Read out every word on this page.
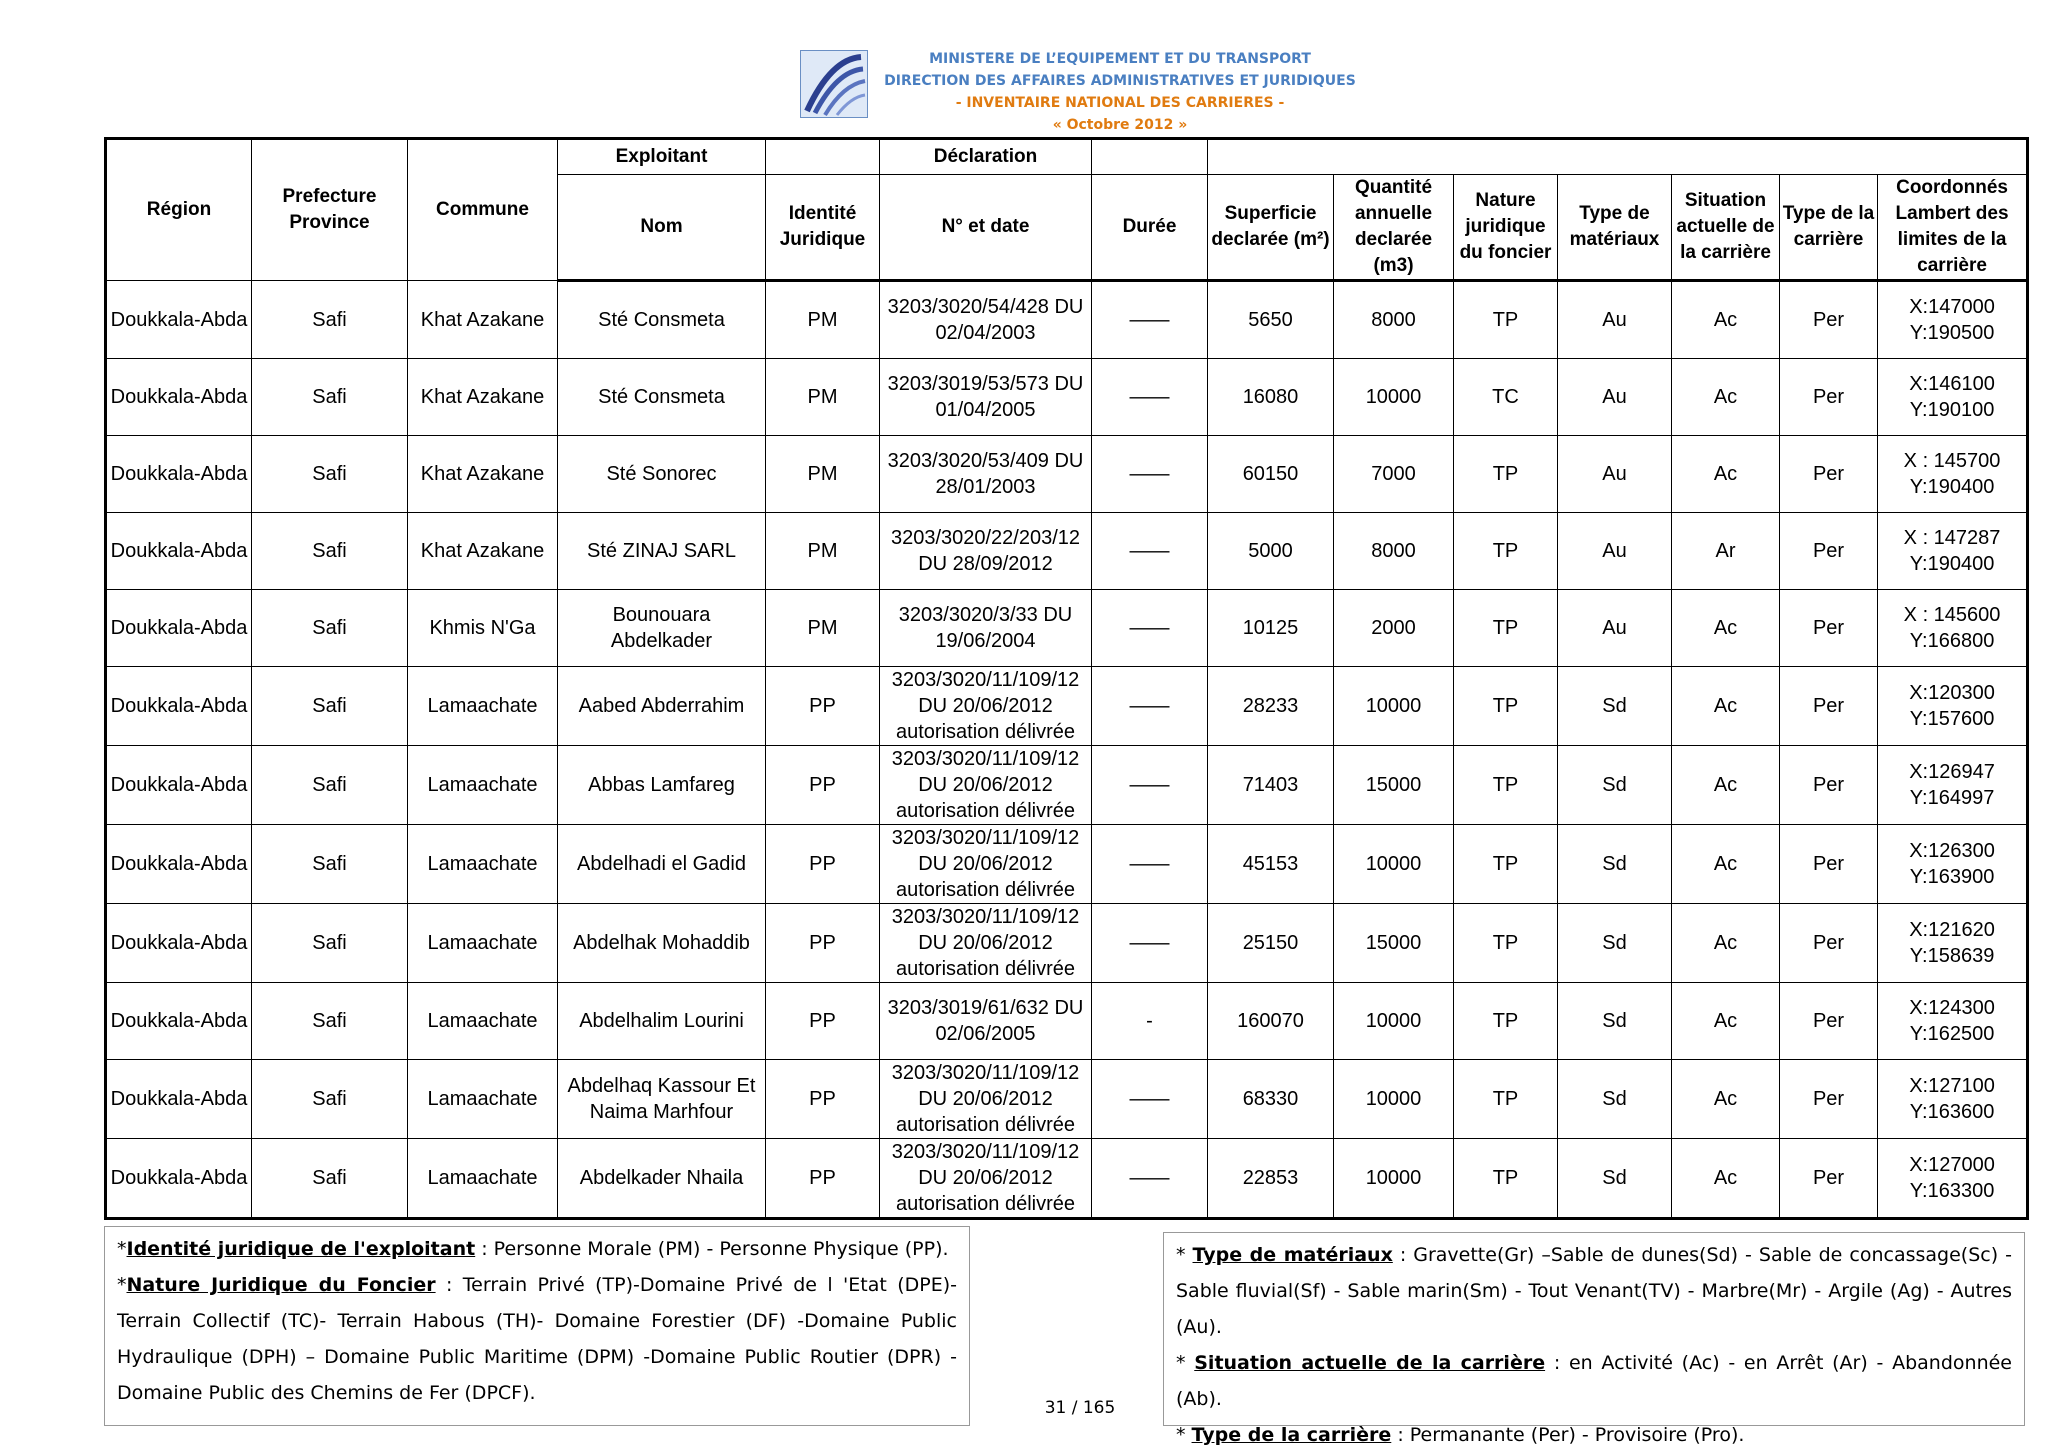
MINISTERE DE L’EQUIPEMENT ET DU TRANSPORT
DIRECTION DES AFFAIRES ADMINISTRATIVES ET JURIDIQUES
- INVENTAIRE NATIONAL DES CARRIERES -
« Octobre 2012 »
Région	Prefecture Province	Commune	Exploitant		Déclaration								
			Nom	Identité Juridique	N° et date	Durée	Superficie declarée (m²)	Quantité annuelle declarée (m3)	Nature juridique du foncier	Type de matériaux	Situation actuelle de la carrière	Type de la carrière	Coordonnés Lambert des limites de la carrière
Doukkala-Abda	Safi	Khat Azakane	Sté Consmeta	PM	3203/3020/54/428 DU 02/04/2003	——	5650	8000	TP	Au	Ac	Per	X:147000 Y:190500
Doukkala-Abda	Safi	Khat Azakane	Sté Consmeta	PM	3203/3019/53/573 DU 01/04/2005	——	16080	10000	TC	Au	Ac	Per	X:146100 Y:190100
Doukkala-Abda	Safi	Khat Azakane	Sté Sonorec	PM	3203/3020/53/409 DU 28/01/2003	——	60150	7000	TP	Au	Ac	Per	X : 145700 Y:190400
Doukkala-Abda	Safi	Khat Azakane	Sté ZINAJ SARL	PM	3203/3020/22/203/12 DU 28/09/2012	——	5000	8000	TP	Au	Ar	Per	X : 147287 Y:190400
Doukkala-Abda	Safi	Khmis N'Ga	Bounouara Abdelkader	PM	3203/3020/3/33 DU 19/06/2004	——	10125	2000	TP	Au	Ac	Per	X : 145600 Y:166800
Doukkala-Abda	Safi	Lamaachate	Aabed Abderrahim	PP	3203/3020/11/109/12 DU 20/06/2012 autorisation délivrée	——	28233	10000	TP	Sd	Ac	Per	X:120300 Y:157600
Doukkala-Abda	Safi	Lamaachate	Abbas Lamfareg	PP	3203/3020/11/109/12 DU 20/06/2012 autorisation délivrée	——	71403	15000	TP	Sd	Ac	Per	X:126947 Y:164997
Doukkala-Abda	Safi	Lamaachate	Abdelhadi el Gadid	PP	3203/3020/11/109/12 DU 20/06/2012 autorisation délivrée	——	45153	10000	TP	Sd	Ac	Per	X:126300 Y:163900
Doukkala-Abda	Safi	Lamaachate	Abdelhak Mohaddib	PP	3203/3020/11/109/12 DU 20/06/2012 autorisation délivrée	——	25150	15000	TP	Sd	Ac	Per	X:121620 Y:158639
Doukkala-Abda	Safi	Lamaachate	Abdelhalim Lourini	PP	3203/3019/61/632 DU 02/06/2005	-	160070	10000	TP	Sd	Ac	Per	X:124300 Y:162500
Doukkala-Abda	Safi	Lamaachate	Abdelhaq Kassour Et Naima Marhfour	PP	3203/3020/11/109/12 DU 20/06/2012 autorisation délivrée	——	68330	10000	TP	Sd	Ac	Per	X:127100 Y:163600
Doukkala-Abda	Safi	Lamaachate	Abdelkader Nhaila	PP	3203/3020/11/109/12 DU 20/06/2012 autorisation délivrée	——	22853	10000	TP	Sd	Ac	Per	X:127000 Y:163300

*Identité juridique de l'exploitant : Personne Morale (PM) - Personne Physique (PP).

*Nature Juridique du Foncier : Terrain Privé (TP)-Domaine Privé de l 'Etat (DPE)-Terrain Collectif (TC)- Terrain Habous (TH)- Domaine Forestier (DF) -Domaine Public Hydraulique (DPH) – Domaine Public Maritime (DPM) -Domaine Public Routier (DPR) - Domaine Public des Chemins de Fer (DPCF).

* Type de matériaux : Gravette(Gr) –Sable de dunes(Sd) - Sable de concassage(Sc) - Sable fluvial(Sf) - Sable marin(Sm) - Tout Venant(TV) - Marbre(Mr) - Argile (Ag) - Autres (Au).

* Situation actuelle de la carrière : en Activité (Ac) - en Arrêt (Ar) - Abandonnée (Ab).

* Type de la carrière : Permanante (Per) - Provisoire (Pro).

31 / 165
